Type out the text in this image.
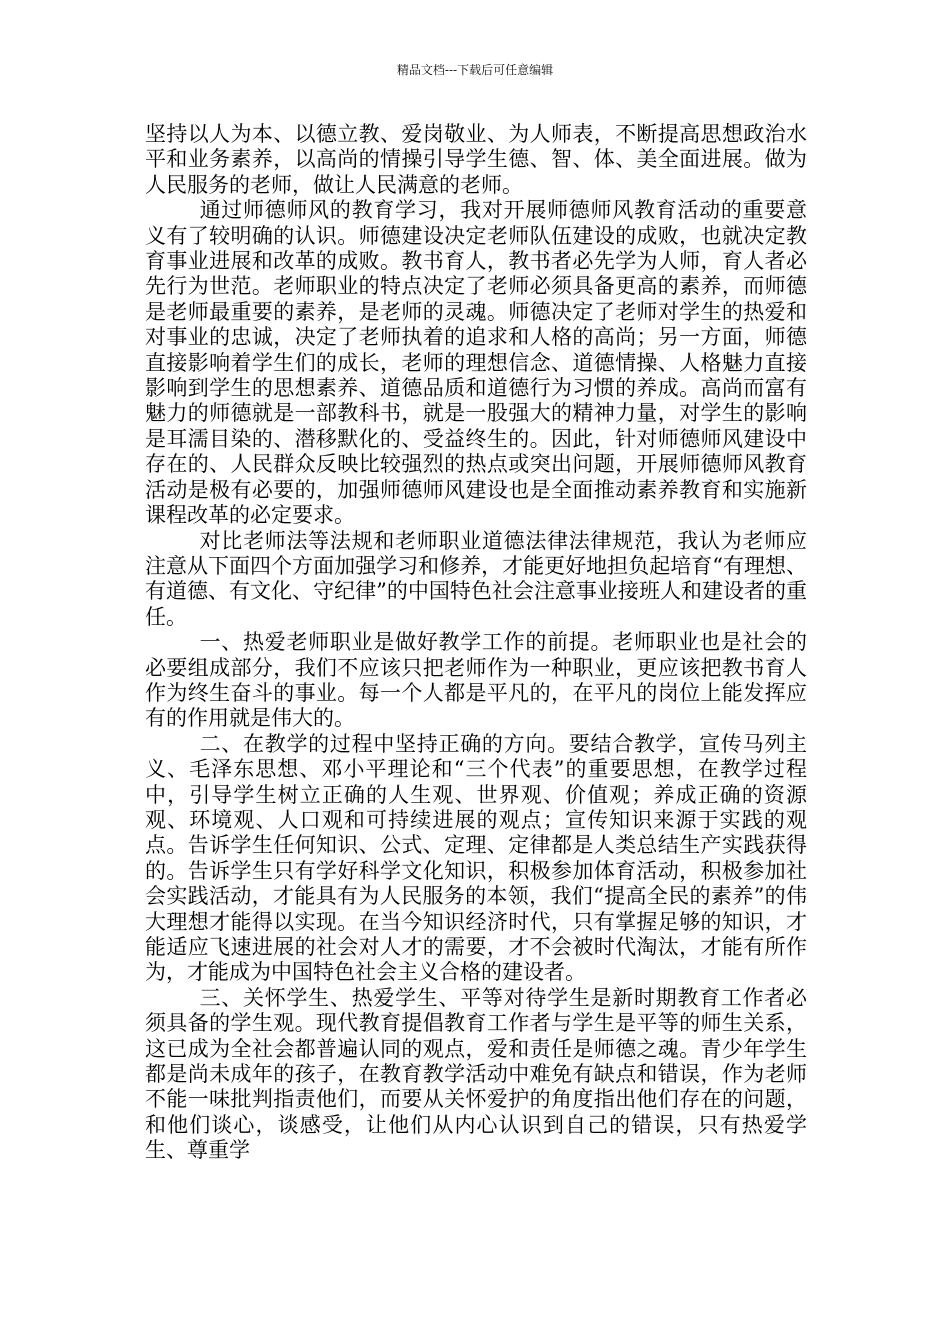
精品文档---下载后可任意编辑

坚持以人为本、以德立教、爱岗敬业、为人师表，不断提高思想政治水平和业务素养，以高尚的情操引导学生德、智、体、美全面进展。做为人民服务的老师，做让人民满意的老师。

通过师德师风的教育学习，我对开展师德师风教育活动的重要意义有了较明确的认识。师德建设决定老师队伍建设的成败，也就决定教育事业进展和改革的成败。教书育人，教书者必先学为人师，育人者必先行为世范。老师职业的特点决定了老师必须具备更高的素养，而师德是老师最重要的素养，是老师的灵魂。师德决定了老师对学生的热爱和对事业的忠诚，决定了老师执着的追求和人格的高尚；另一方面，师德直接影响着学生们的成长，老师的理想信念、道德情操、人格魅力直接影响到学生的思想素养、道德品质和道德行为习惯的养成。高尚而富有魅力的师德就是一部教科书，就是一股强大的精神力量，对学生的影响是耳濡目染的、潜移默化的、受益终生的。因此，针对师德师风建设中存在的、人民群众反映比较强烈的热点或突出问题，开展师德师风教育活动是极有必要的，加强师德师风建设也是全面推动素养教育和实施新课程改革的必定要求。

对比老师法等法规和老师职业道德法律法律规范，我认为老师应注意从下面四个方面加强学习和修养，才能更好地担负起培育“有理想、有道德、有文化、守纪律”的中国特色社会注意事业接班人和建设者的重任。

一、热爱老师职业是做好教学工作的前提。老师职业也是社会的必要组成部分，我们不应该只把老师作为一种职业，更应该把教书育人作为终生奋斗的事业。每一个人都是平凡的，在平凡的岗位上能发挥应有的作用就是伟大的。

二、在教学的过程中坚持正确的方向。要结合教学，宣传马列主义、毛泽东思想、邓小平理论和“三个代表”的重要思想，在教学过程中，引导学生树立正确的人生观、世界观、价值观；养成正确的资源观、环境观、人口观和可持续进展的观点；宣传知识来源于实践的观点。告诉学生任何知识、公式、定理、定律都是人类总结生产实践获得的。告诉学生只有学好科学文化知识，积极参加体育活动，积极参加社会实践活动，才能具有为人民服务的本领，我们“提高全民的素养”的伟大理想才能得以实现。在当今知识经济时代，只有掌握足够的知识，才能适应飞速进展的社会对人才的需要，才不会被时代淘汰，才能有所作为，才能成为中国特色社会主义合格的建设者。

三、关怀学生、热爱学生、平等对待学生是新时期教育工作者必须具备的学生观。现代教育提倡教育工作者与学生是平等的师生关系，这已成为全社会都普遍认同的观点，爱和责任是师德之魂。青少年学生都是尚未成年的孩子，在教育教学活动中难免有缺点和错误，作为老师不能一味批判指责他们，而要从关怀爱护的角度指出他们存在的问题，和他们谈心，谈感受，让他们从内心认识到自己的错误，只有热爱学生、尊重学
